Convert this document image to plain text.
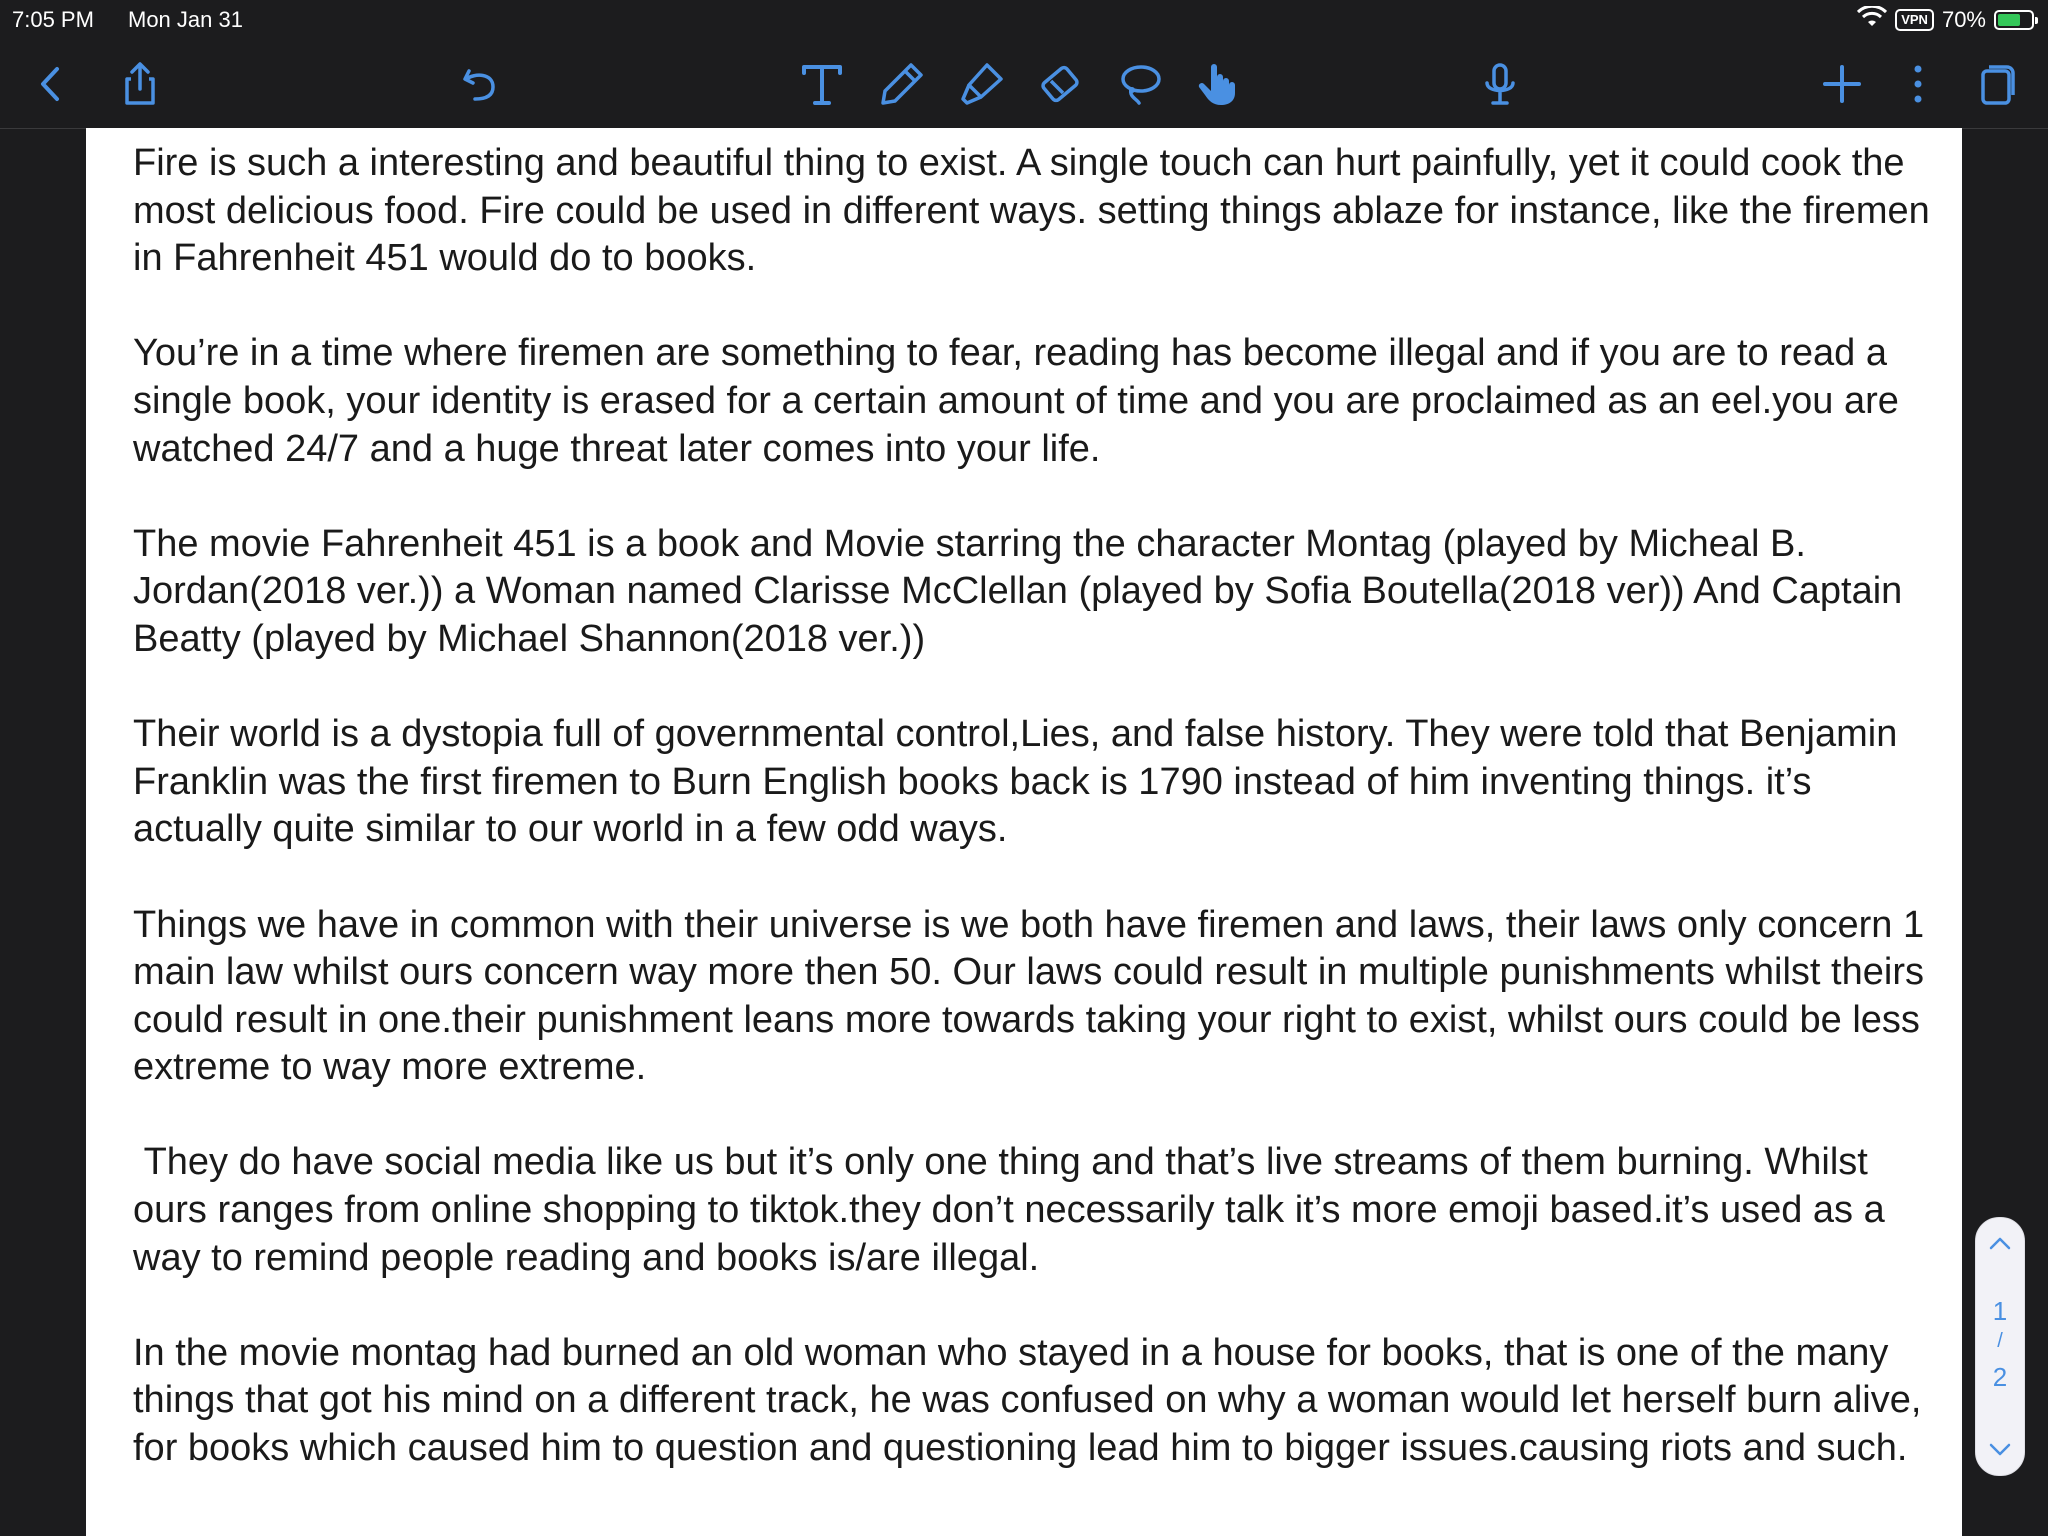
7:05 PM Mon Jan 31	VPN 70%

Fire is such a interesting and beautiful thing to exist. A single touch can hurt painfully, yet it could cook the most delicious food. Fire could be used in different ways. setting things ablaze for instance, like the firemen in Fahrenheit 451 would do to books.

You’re in a time where firemen are something to fear, reading has become illegal and if you are to read a single book, your identity is erased for a certain amount of time and you are proclaimed as an eel.you are watched 24/7 and a huge threat later comes into your life.

The movie Fahrenheit 451 is a book and Movie starring the character Montag (played by Micheal B. Jordan(2018 ver.)) a Woman named Clarisse McClellan (played by Sofia Boutella(2018 ver)) And Captain Beatty (played by Michael Shannon(2018 ver.))

Their world is a dystopia full of governmental control,Lies, and false history. They were told that Benjamin Franklin was the first firemen to Burn English books back is 1790 instead of him inventing things. it’s actually quite similar to our world in a few odd ways.

Things we have in common with their universe is we both have firemen and laws, their laws only concern 1 main law whilst ours concern way more then 50. Our laws could result in multiple punishments whilst theirs could result in one.their punishment leans more towards taking your right to exist, whilst ours could be less extreme to way more extreme.

They do have social media like us but it’s only one thing and that’s live streams of them burning. Whilst ours ranges from online shopping to tiktok.they don’t necessarily talk it’s more emoji based.it’s used as a way to remind people reading and books is/are illegal.

In the movie montag had burned an old woman who stayed in a house for books, that is one of the many things that got his mind on a different track, he was confused on why a woman would let herself burn alive, for books which caused him to question and questioning lead him to bigger issues.causing riots and such.

1
/
2
